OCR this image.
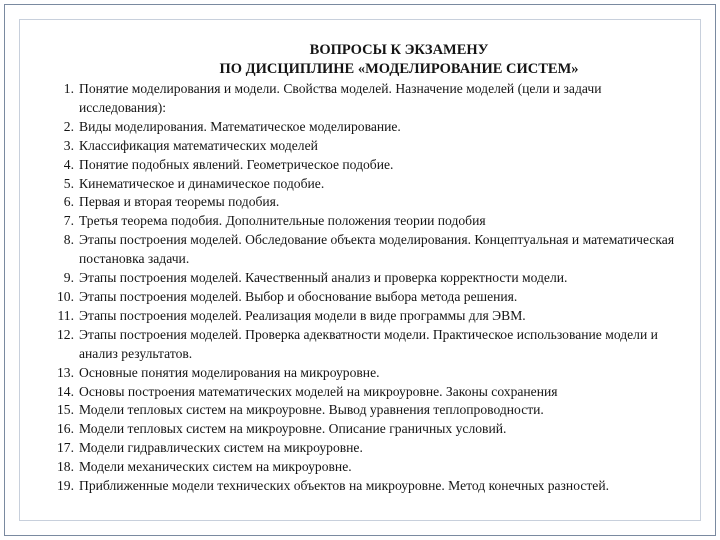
ВОПРОСЫ К ЭКЗАМЕНУ
ПО ДИСЦИПЛИНЕ «МОДЕЛИРОВАНИЕ СИСТЕМ»
1. Понятие моделирования и модели. Свойства моделей. Назначение моделей (цели и задачи исследования):
2. Виды моделирования. Математическое моделирование.
3. Классификация математических моделей
4. Понятие подобных явлений. Геометрическое подобие.
5. Кинематическое и динамическое подобие.
6. Первая и вторая теоремы подобия.
7. Третья теорема подобия. Дополнительные положения теории подобия
8. Этапы построения моделей. Обследование объекта моделирования. Концептуальная и математическая постановка задачи.
9. Этапы построения моделей. Качественный анализ и проверка корректности модели.
10. Этапы построения моделей. Выбор и обоснование выбора метода решения.
11. Этапы построения моделей. Реализация модели в виде программы для ЭВМ.
12. Этапы построения моделей. Проверка адекватности модели. Практическое использование модели и анализ результатов.
13. Основные понятия моделирования на микроуровне.
14. Основы построения математических моделей на микроуровне. Законы сохранения
15. Модели тепловых систем на микроуровне. Вывод уравнения теплопроводности.
16. Модели тепловых систем на микроуровне. Описание граничных условий.
17. Модели гидравлических систем на микроуровне.
18. Модели механических систем на микроуровне.
19. Приближенные модели технических объектов на микроуровне. Метод конечных разностей.
